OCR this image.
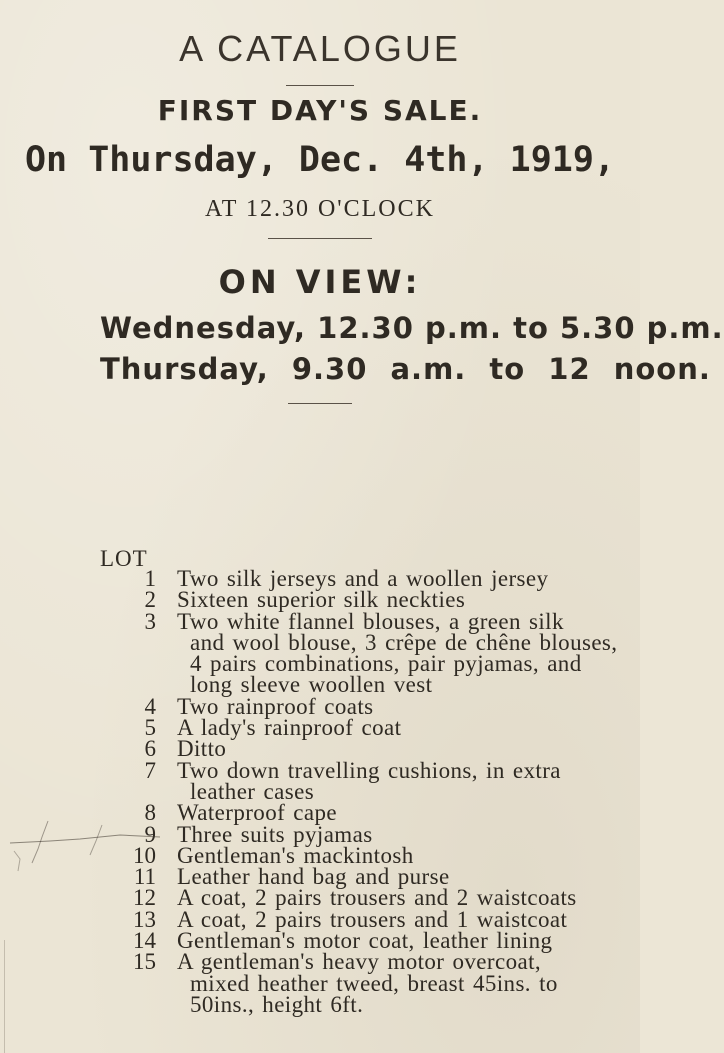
A CATALOGUE
FIRST DAY'S SALE.
On Thursday, Dec. 4th, 1919,
AT 12.30 O'CLOCK
ON VIEW:
Wednesday, 12.30 p.m. to 5.30 p.m.
Thursday, 9.30 a.m. to 12 noon.
LOT
1 Two silk jerseys and a woollen jersey
2 Sixteen superior silk neckties
3 Two white flannel blouses, a green silk
and wool blouse, 3 crêpe de chêne blouses,
4 pairs combinations, pair pyjamas, and
long sleeve woollen vest
4 Two rainproof coats
5 A lady's rainproof coat
6 Ditto
7 Two down travelling cushions, in extra
leather cases
8 Waterproof cape
9 Three suits pyjamas
10 Gentleman's mackintosh
11 Leather hand bag and purse
12 A coat, 2 pairs trousers and 2 waistcoats
13 A coat, 2 pairs trousers and 1 waistcoat
14 Gentleman's motor coat, leather lining
15 A gentleman's heavy motor overcoat,
mixed heather tweed, breast 45ins. to
50ins., height 6ft.
